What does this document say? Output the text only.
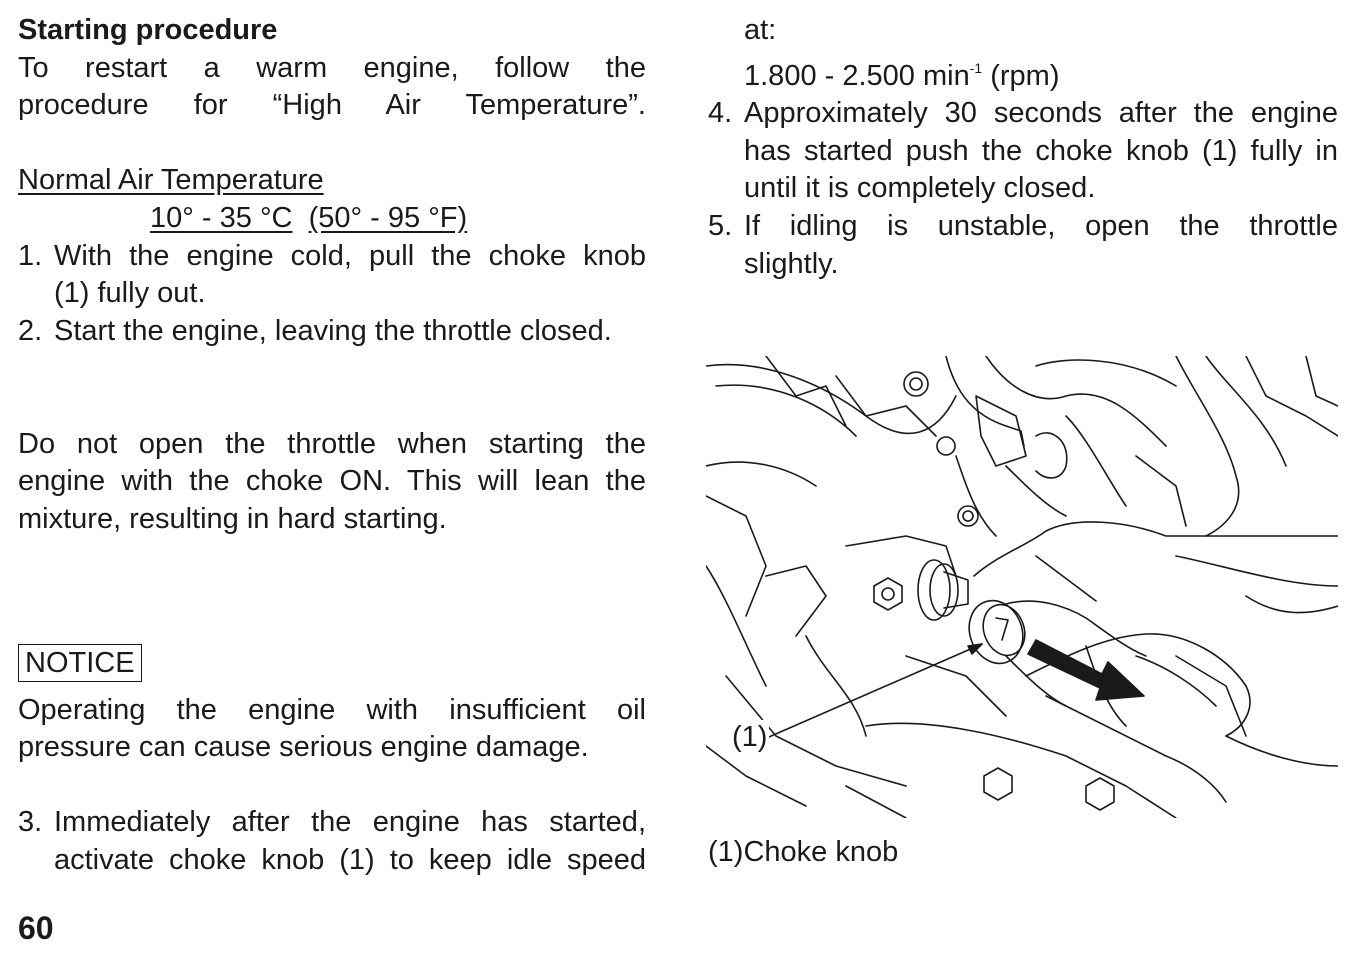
Starting procedure
To restart a warm engine, follow the
procedure for “High Air Temperature”.

Normal Air Temperature
10° - 35 °C (50° - 95 °F)
1. With the engine cold, pull the choke knob
(1) fully out.
2. Start the engine, leaving the throttle closed.

Do not open the throttle when starting the
engine with the choke ON. This will lean the
mixture, resulting in hard starting.

NOTICE
Operating the engine with insufficient oil
pressure can cause serious engine damage.

3. Immediately after the engine has started,
activate choke knob (1) to keep idle speed

at:
1.800 - 2.500 $\min^{-1} (rpm)$
4. Approximately 30 seconds after the engine
has started push the choke knob (1) fully in
until it is completely closed.
5. If idling is unstable, open the throttle
slightly.
(1)
(1)Choke knob
60
